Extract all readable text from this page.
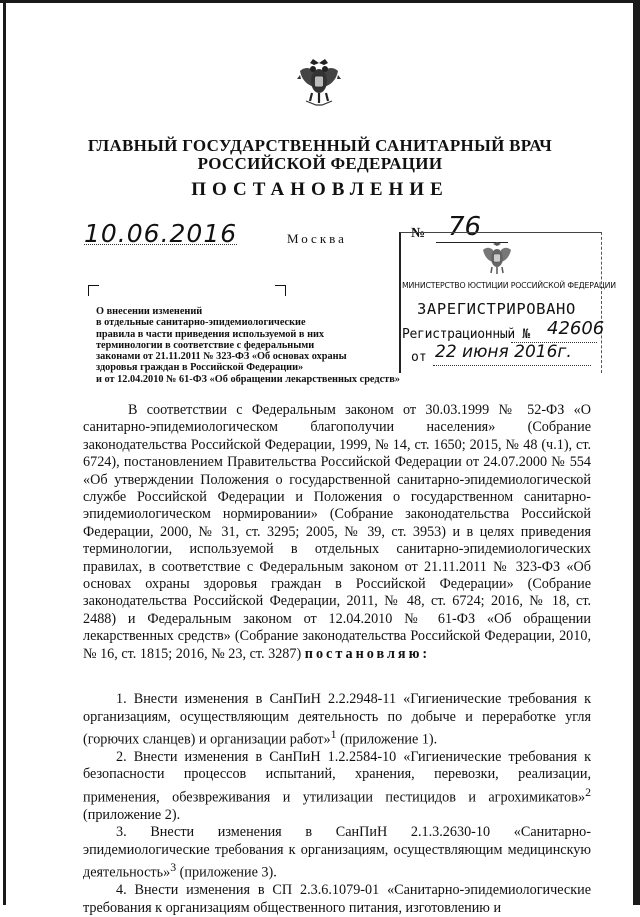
ГЛАВНЫЙ ГОСУДАРСТВЕННЫЙ САНИТАРНЫЙ ВРАЧ
РОССИЙСКОЙ ФЕДЕРАЦИИ
ПОСТАНОВЛЕНИЕ
10.06.2016	Москва	№ 76
МИНИСТЕРСТВО ЮСТИЦИИ РОССИЙСКОЙ ФЕДЕРАЦИИ
ЗАРЕГИСТРИРОВАНО
Регистрационный № 42606
от 22 июня 2016г.
О внесении изменений
в отдельные санитарно-эпидемиологические
правила в части приведения используемой в них
терминологии в соответствие с федеральными
законами от 21.11.2011 № 323-ФЗ «Об основах охраны
здоровья граждан в Российской Федерации»
и от 12.04.2010 № 61-ФЗ «Об обращении лекарственных средств»

В соответствии с Федеральным законом от 30.03.1999 № 52-ФЗ «О санитарно-эпидемиологическом благополучии населения» (Собрание законодательства Российской Федерации, 1999, № 14, ст. 1650; 2015, № 48 (ч.1), ст. 6724), постановлением Правительства Российской Федерации от 24.07.2000 № 554 «Об утверждении Положения о государственной санитарно-эпидемиологической службе Российской Федерации и Положения о государственном санитарно-эпидемиологическом нормировании» (Собрание законодательства Российской Федерации, 2000, № 31, ст. 3295; 2005, № 39, ст. 3953) и в целях приведения терминологии, используемой в отдельных санитарно-эпидемиологических правилах, в соответствие с Федеральным законом от 21.11.2011 № 323-ФЗ «Об основах охраны здоровья граждан в Российской Федерации» (Собрание законодательства Российской Федерации, 2011, № 48, ст. 6724; 2016, № 18, ст. 2488) и Федеральным законом от 12.04.2010 № 61-ФЗ «Об обращении лекарственных средств» (Собрание законодательства Российской Федерации, 2010, № 16, ст. 1815; 2016, № 23, ст. 3287) постановляю:

1. Внести изменения в СанПиН 2.2.2948-11 «Гигиенические требования к организациям, осуществляющим деятельность по добыче и переработке угля (горючих сланцев) и организации работ»$^1$ (приложение 1).

2. Внести изменения в СанПиН 1.2.2584-10 «Гигиенические требования к безопасности процессов испытаний, хранения, перевозки, реализации, применения, обезвреживания и утилизации пестицидов и агрохимикатов»$^2$ (приложение 2).

3. Внести изменения в СанПиН 2.1.3.2630-10 «Санитарно-эпидемиологические требования к организациям, осуществляющим медицинскую деятельность»$^3$ (приложение 3).

4. Внести изменения в СП 2.3.6.1079-01 «Санитарно-эпидемиологические требования к организациям общественного питания, изготовлению и
